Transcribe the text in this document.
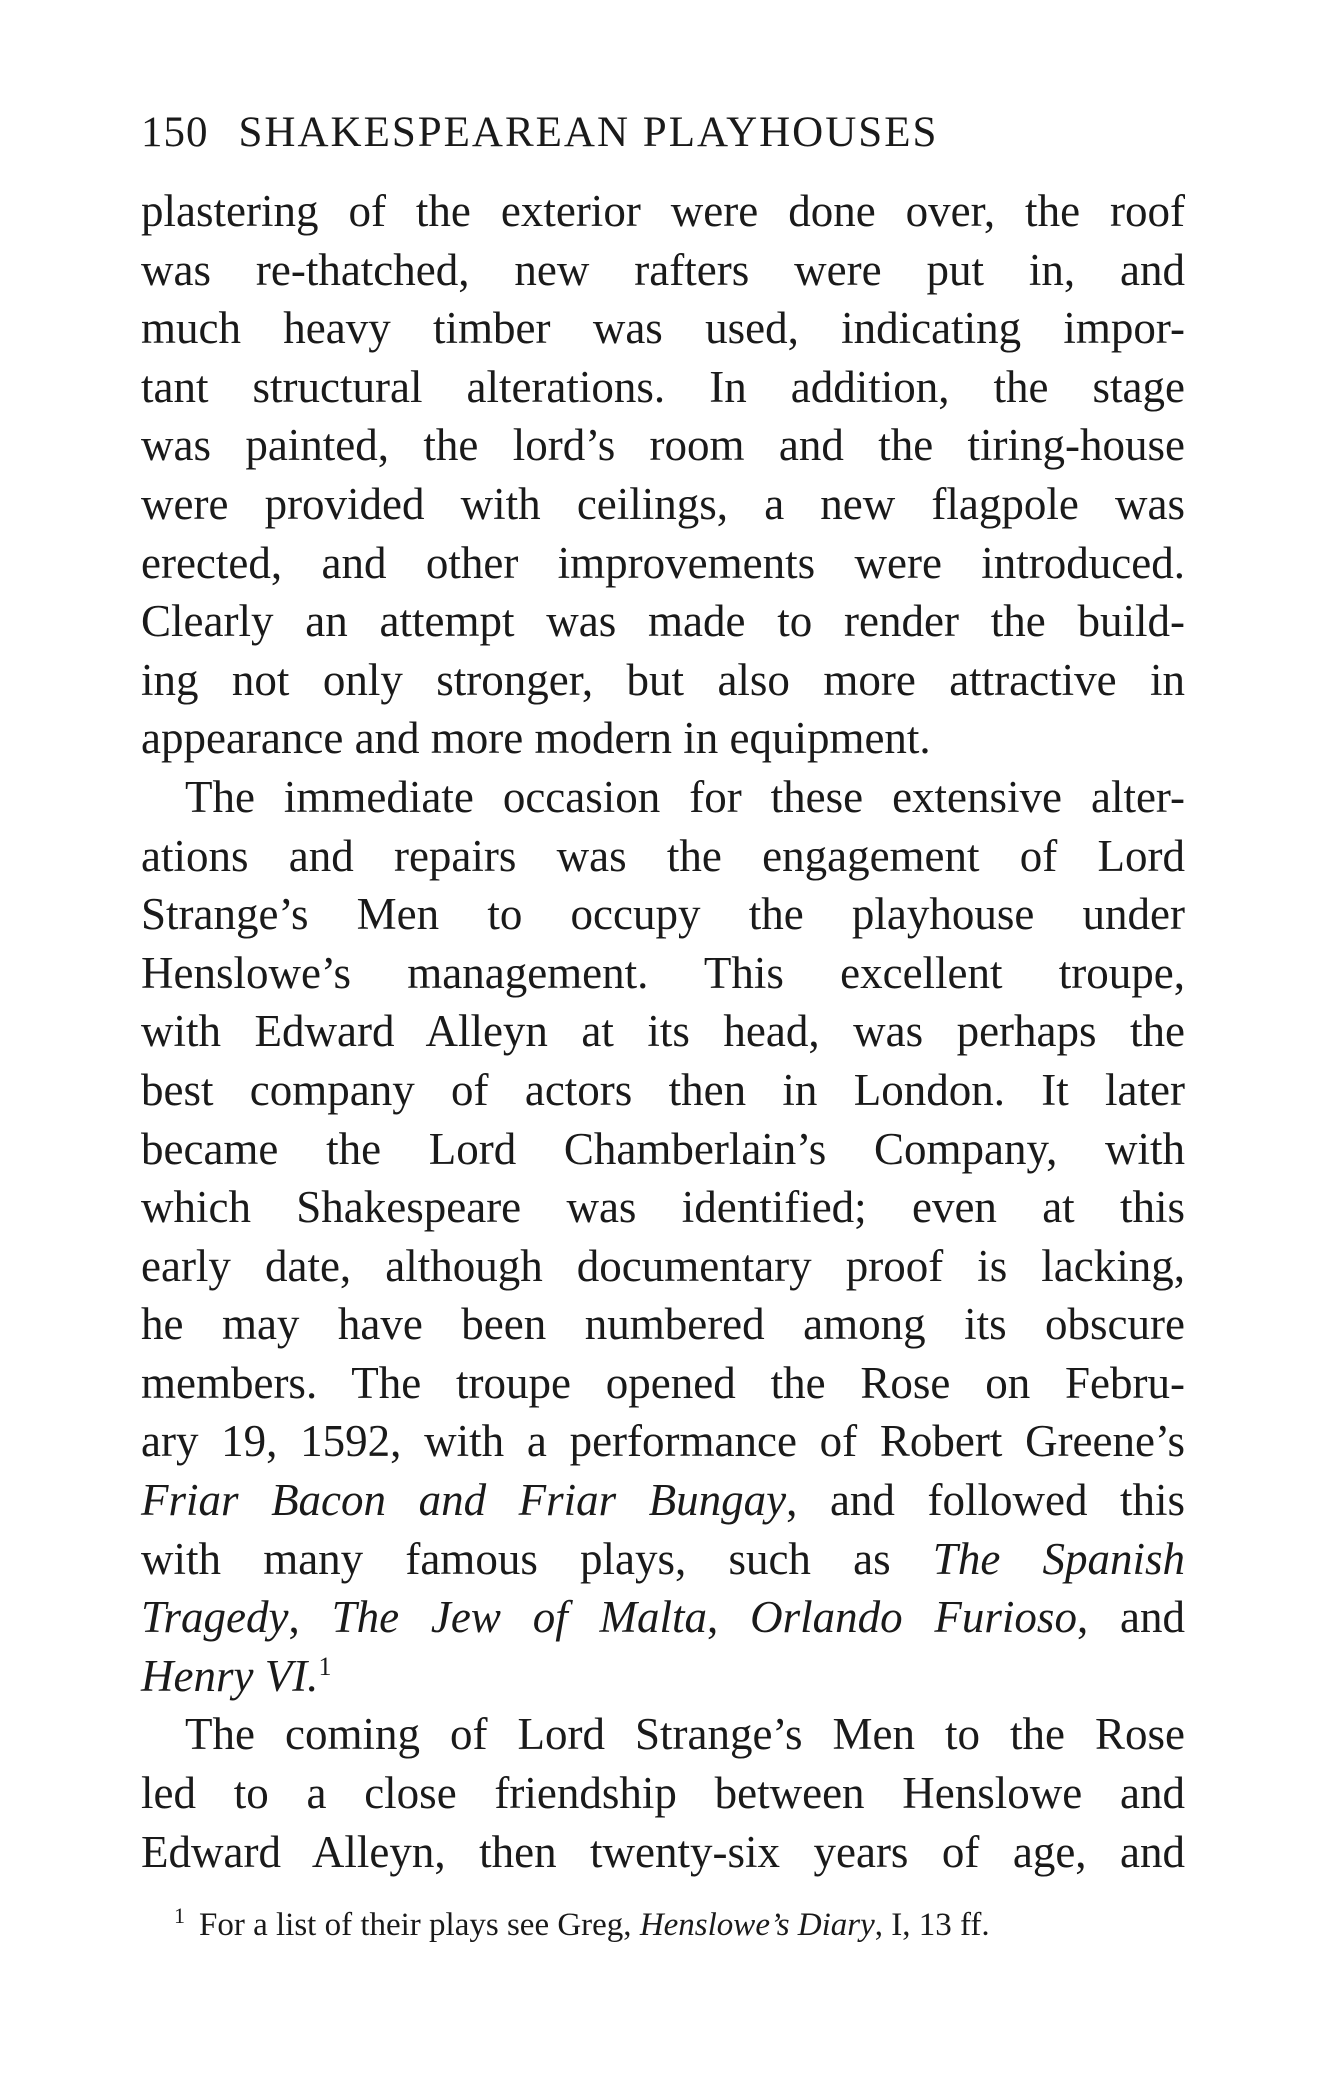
150 SHAKESPEAREAN PLAYHOUSES

plastering of the exterior were done over, the roof
was re-thatched, new rafters were put in, and
much heavy timber was used, indicating impor-
tant structural alterations. In addition, the stage
was painted, the lord’s room and the tiring-house
were provided with ceilings, a new flagpole was
erected, and other improvements were introduced.
Clearly an attempt was made to render the build-
ing not only stronger, but also more attractive in
appearance and more modern in equipment.

The immediate occasion for these extensive alter-
ations and repairs was the engagement of Lord
Strange’s Men to occupy the playhouse under
Henslowe’s management. This excellent troupe,
with Edward Alleyn at its head, was perhaps the
best company of actors then in London. It later
became the Lord Chamberlain’s Company, with
which Shakespeare was identified; even at this
early date, although documentary proof is lacking,
he may have been numbered among its obscure
members. The troupe opened the Rose on Febru-
ary 19, 1592, with a performance of Robert Greene’s
Friar Bacon and Friar Bungay, and followed this
with many famous plays, such as The Spanish
Tragedy, The Jew of Malta, Orlando Furioso, and
Henry VI.$^1$

The coming of Lord Strange’s Men to the Rose
led to a close friendship between Henslowe and
Edward Alleyn, then twenty-six years of age, and

$^1$ For a list of their plays see Greg, Henslowe’s Diary, I, 13 ff.
